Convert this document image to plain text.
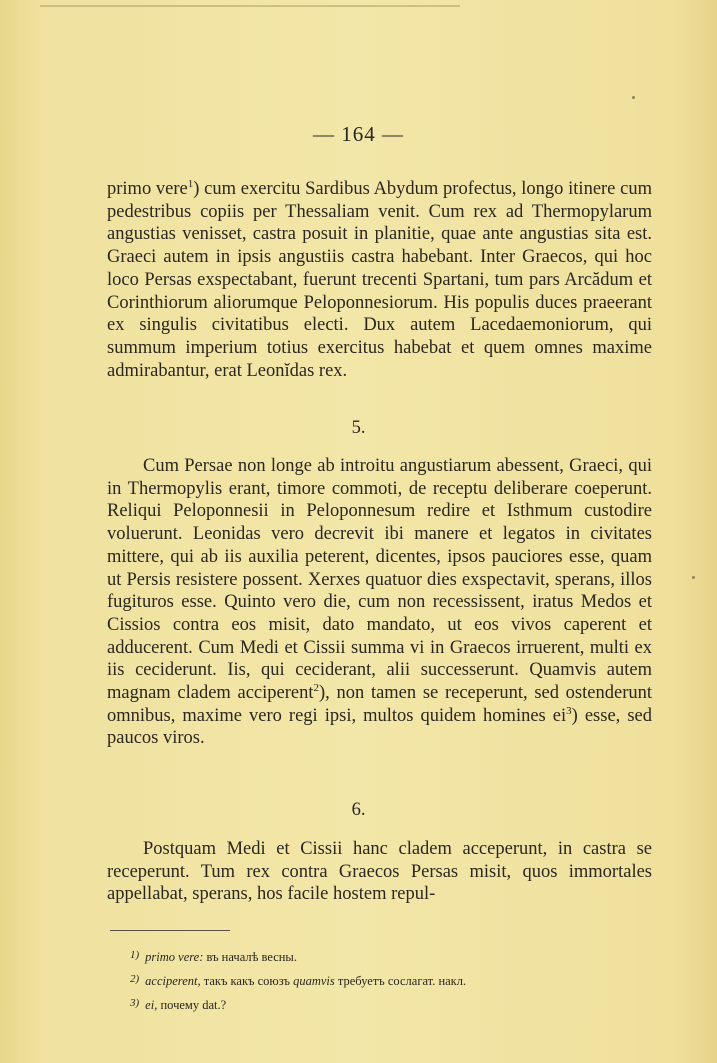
— 164 —

primo vere$^1$) cum exercitu Sardibus Abydum profectus, longo itinere cum pedestribus copiis per Thessaliam venit. Cum rex ad Thermopylarum angustias venisset, castra posuit in planitie, quae ante angustias sita est. Graeci autem in ipsis angustiis castra habebant. Inter Graecos, qui hoc loco Persas exspectabant, fuerunt trecenti Spartani, tum pars Arcădum et Corinthiorum aliorumque Peloponnesiorum. His populis duces praeerant ex singulis civitatibus electi. Dux autem Lacedaemoniorum, qui summum imperium totius exercitus habebat et quem omnes maxime admirabantur, erat Leonĭdas rex.

5.

Cum Persae non longe ab introitu angustiarum abessent, Graeci, qui in Thermopylis erant, timore commoti, de receptu deliberare coeperunt. Reliqui Peloponnesii in Peloponnesum redire et Isthmum custodire voluerunt. Leonidas vero decrevit ibi manere et legatos in civitates mittere, qui ab iis auxilia peterent, dicentes, ipsos pauciores esse, quam ut Persis resistere possent. Xerxes quatuor dies exspectavit, sperans, illos fugituros esse. Quinto vero die, cum non recessissent, iratus Medos et Cissios contra eos misit, dato mandato, ut eos vivos caperent et adducerent. Cum Medi et Cissii summa vi in Graecos irruerent, multi ex iis ceciderunt. Iis, qui ceciderant, alii successerunt. Quamvis autem magnam cladem acciperent$^2$), non tamen se receperunt, sed ostenderunt omnibus, maxime vero regi ipsi, multos quidem homines $ei^3$) esse, sed paucos viros.

6.

Postquam Medi et Cissii hanc cladem acceperunt, in castra se receperunt. Tum rex contra Graecos Persas misit, quos immortales appellabat, sperans, hos facile hostem repul-

1) primo vere: въ началѣ весны.
2) acciperent, такъ какъ союзъ quamvis требуетъ сослагат. накл.
3) ei, почему dat.?
